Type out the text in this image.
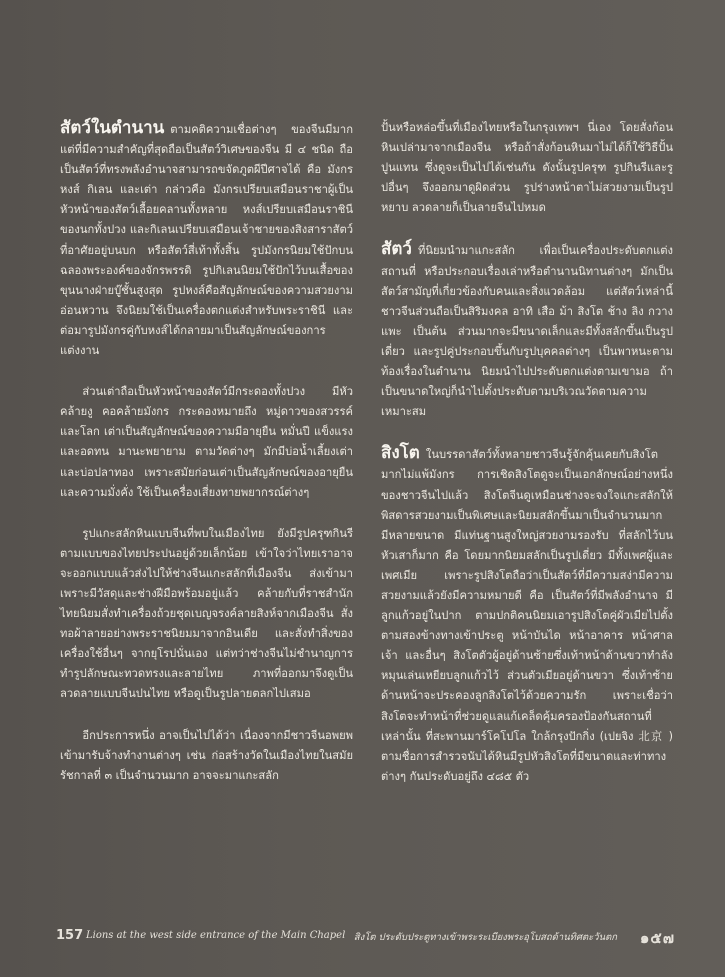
สัตว์ในตำนาน ตามคติความเชื่อต่างๆ ของจีนมีมาก แต่ที่มีความสำคัญที่สุดถือเป็นสัตว์วิเศษของจีน มี ๔ ชนิด ถือเป็นสัตว์ที่ทรงพลังอำนาจสามารถขจัดภูตผีปีศาจได้ คือ มังกร หงส์ กิเลน และเต่า กล่าวคือ มังกรเปรียบเสมือนราชาผู้เป็นหัวหน้าของสัตว์เลื้อยคลานทั้งหลาย หงส์เปรียบเสมือนราชินีของนกทั้งปวง และกิเลนเปรียบเสมือนเจ้าชายของสิงสาราสัตว์ที่อาศัยอยู่บนบก หรือสัตว์สี่เท้าทั้งสิ้น รูปมังกรนิยมใช้ปักบนฉลองพระองค์ของจักรพรรดิ รูปกิเลนนิยมใช้ปักไว้บนเสื้อของขุนนางฝ่ายบู๊ชั้นสูงสุด รูปหงส์คือสัญลักษณ์ของความสวยงามอ่อนหวาน จึงนิยมใช้เป็นเครื่องตกแต่งสำหรับพระราชินี และต่อมารูปมังกรคู่กับหงส์ได้กลายมาเป็นสัญลักษณ์ของการแต่งงาน

ส่วนเต่าถือเป็นหัวหน้าของสัตว์มีกระดองทั้งปวง มีหัวคล้ายงู คอคล้ายมังกร กระดองหมายถึง หมู่ดาวของสวรรค์และโลก เต่าเป็นสัญลักษณ์ของความมีอายุยืน หมั่นปี แข็งแรง และอดทน มานะพยายาม ตามวัดต่างๆ มักมีบ่อน้ำเลี้ยงเต่าและบ่อปลาทอง เพราะสมัยก่อนเต่าเป็นสัญลักษณ์ของอายุยืนและความมั่งคั่ง ใช้เป็นเครื่องเสี่ยงทายพยากรณ์ต่างๆ

รูปแกะสลักหินแบบจีนที่พบในเมืองไทย ยังมีรูปครุฑกินรี ตามแบบของไทยประปนอยู่ด้วยเล็กน้อย เข้าใจว่าไทยเราอาจจะออกแบบแล้วส่งไปให้ช่างจีนแกะสลักที่เมืองจีน ส่งเข้ามาเพราะมีวัสดุและช่างฝีมือพร้อมอยู่แล้ว คล้ายกับที่ราชสำนักไทยนิยมสั่งทำเครื่องถ้วยชุดเบญจรงค์ลายสิงห์จากเมืองจีน สั่งทอผ้าลายอย่างพระราชนิยมมาจากอินเดีย และสั่งทำสิ่งของเครื่องใช้อื่นๆ จากยุโรปนั่นเอง แต่ทว่าช่างจีนไม่ชำนาญการทำรูปลักษณะทวดทรงและลายไทย ภาพที่ออกมาจึงดูเป็นลวดลายแบบจีนปนไทย หรือดูเป็นรูปลายตลกไปเสมอ

อีกประการหนึ่ง อาจเป็นไปได้ว่า เนื่องจากมีชาวจีนอพยพเข้ามารับจ้างทำงานต่างๆ เช่น ก่อสร้างวัดในเมืองไทยในสมัยรัชกาลที่ ๓ เป็นจำนวนมาก อาจจะมาแกะสลัก

ปั้นหรือหล่อขึ้นที่เมืองไทยหรือในกรุงเทพฯ นี่เอง โดยสั่งก้อนหินเปล่ามาจากเมืองจีน หรือถ้าสั่งก้อนหินมาไม่ได้ก็ใช้วิธีปั้นปูนแทน ซึ่งดูจะเป็นไปได้เช่นกัน ดังนั้นรูปครุฑ รูปกินรีและรูปอื่นๆ จึงออกมาดูผิดส่วน รูปร่างหน้าตาไม่สวยงามเป็นรูปหยาบ ลวดลายก็เป็นลายจีนไปหมด

สัตว์ ที่นิยมนำมาแกะสลัก เพื่อเป็นเครื่องประดับตกแต่งสถานที่ หรือประกอบเรื่องเล่าหรือตำนานนิทานต่างๆ มักเป็นสัตว์สามัญที่เกี่ยวข้องกับคนและสิ่งแวดล้อม แต่สัตว์เหล่านี้ชาวจีนส่วนถือเป็นสิริมงคล อาทิ เสือ ม้า สิงโต ช้าง ลิง กวาง แพะ เป็นต้น ส่วนมากจะมีขนาดเล็กและมีทั้งสลักขึ้นเป็นรูปเดี่ยว และรูปคู่ประกอบขึ้นกับรูปบุคคลต่างๆ เป็นพาหนะตามท้องเรื่องในตำนาน นิยมนำไปประดับตกแต่งตามเขามอ ถ้าเป็นขนาดใหญ่ก็นำไปตั้งประดับตามบริเวณวัดตามความเหมาะสม

สิงโต ในบรรดาสัตว์ทั้งหลายชาวจีนรู้จักคุ้นเคยกับสิงโตมากไม่แพ้มังกร การเชิดสิงโตดูจะเป็นเอกลักษณ์อย่างหนึ่งของชาวจีนไปแล้ว สิงโตจีนดูเหมือนช่างจะจงใจแกะสลักให้พิสดารสวยงามเป็นพิเศษและนิยมสลักขึ้นมาเป็นจำนวนมาก มีหลายขนาด มีแท่นฐานสูงใหญ่สวยงามรองรับ ที่สลักไว้บนหัวเสาก็มาก คือ โดยมากนิยมสลักเป็นรูปเดี่ยว มีทั้งเพศผู้และเพศเมีย เพราะรูปสิงโตถือว่าเป็นสัตว์ที่มีความสง่ามีความสวยงามแล้วยังมีความหมายดี คือ เป็นสัตว์ที่มีพลังอำนาจ มีลูกแก้วอยู่ในปาก ตามปกติคนนิยมเอารูปสิงโตคู่ผัวเมียไปตั้งตามสองข้างทางเข้าประตู หน้าบันได หน้าอาคาร หน้าศาลเจ้า และอื่นๆ สิงโตตัวผู้อยู่ด้านซ้ายซึ่งเท้าหน้าด้านขวาทำลังหมุนเล่นเหยียบลูกแก้วไว้ ส่วนตัวเมียอยู่ด้านขวา ซึ่งเท้าซ้ายด้านหน้าจะประคองลูกสิงโตไว้ด้วยความรัก เพราะเชื่อว่า สิงโตจะทำหน้าที่ช่วยดูแลแก้เคล็ดคุ้มครองป้องกันสถานที่เหล่านั้น ที่สะพานมาร์โคโปโล ใกล้กรุงปักกิ่ง (เปยจิง 北京 ) ตามชื่อการสำรวจนับได้หินมีรูปหัวสิงโตที่มีขนาดและท่าทางต่างๆ กันประดับอยู่ถึง ๔๘๕ ตัว

157 Lions at the west side entrance of the Main Chapel สิงโต ประดับประตูทางเข้าพระระเบียงพระอุโบสถด้านทิศตะวันตก ๑๕๗
